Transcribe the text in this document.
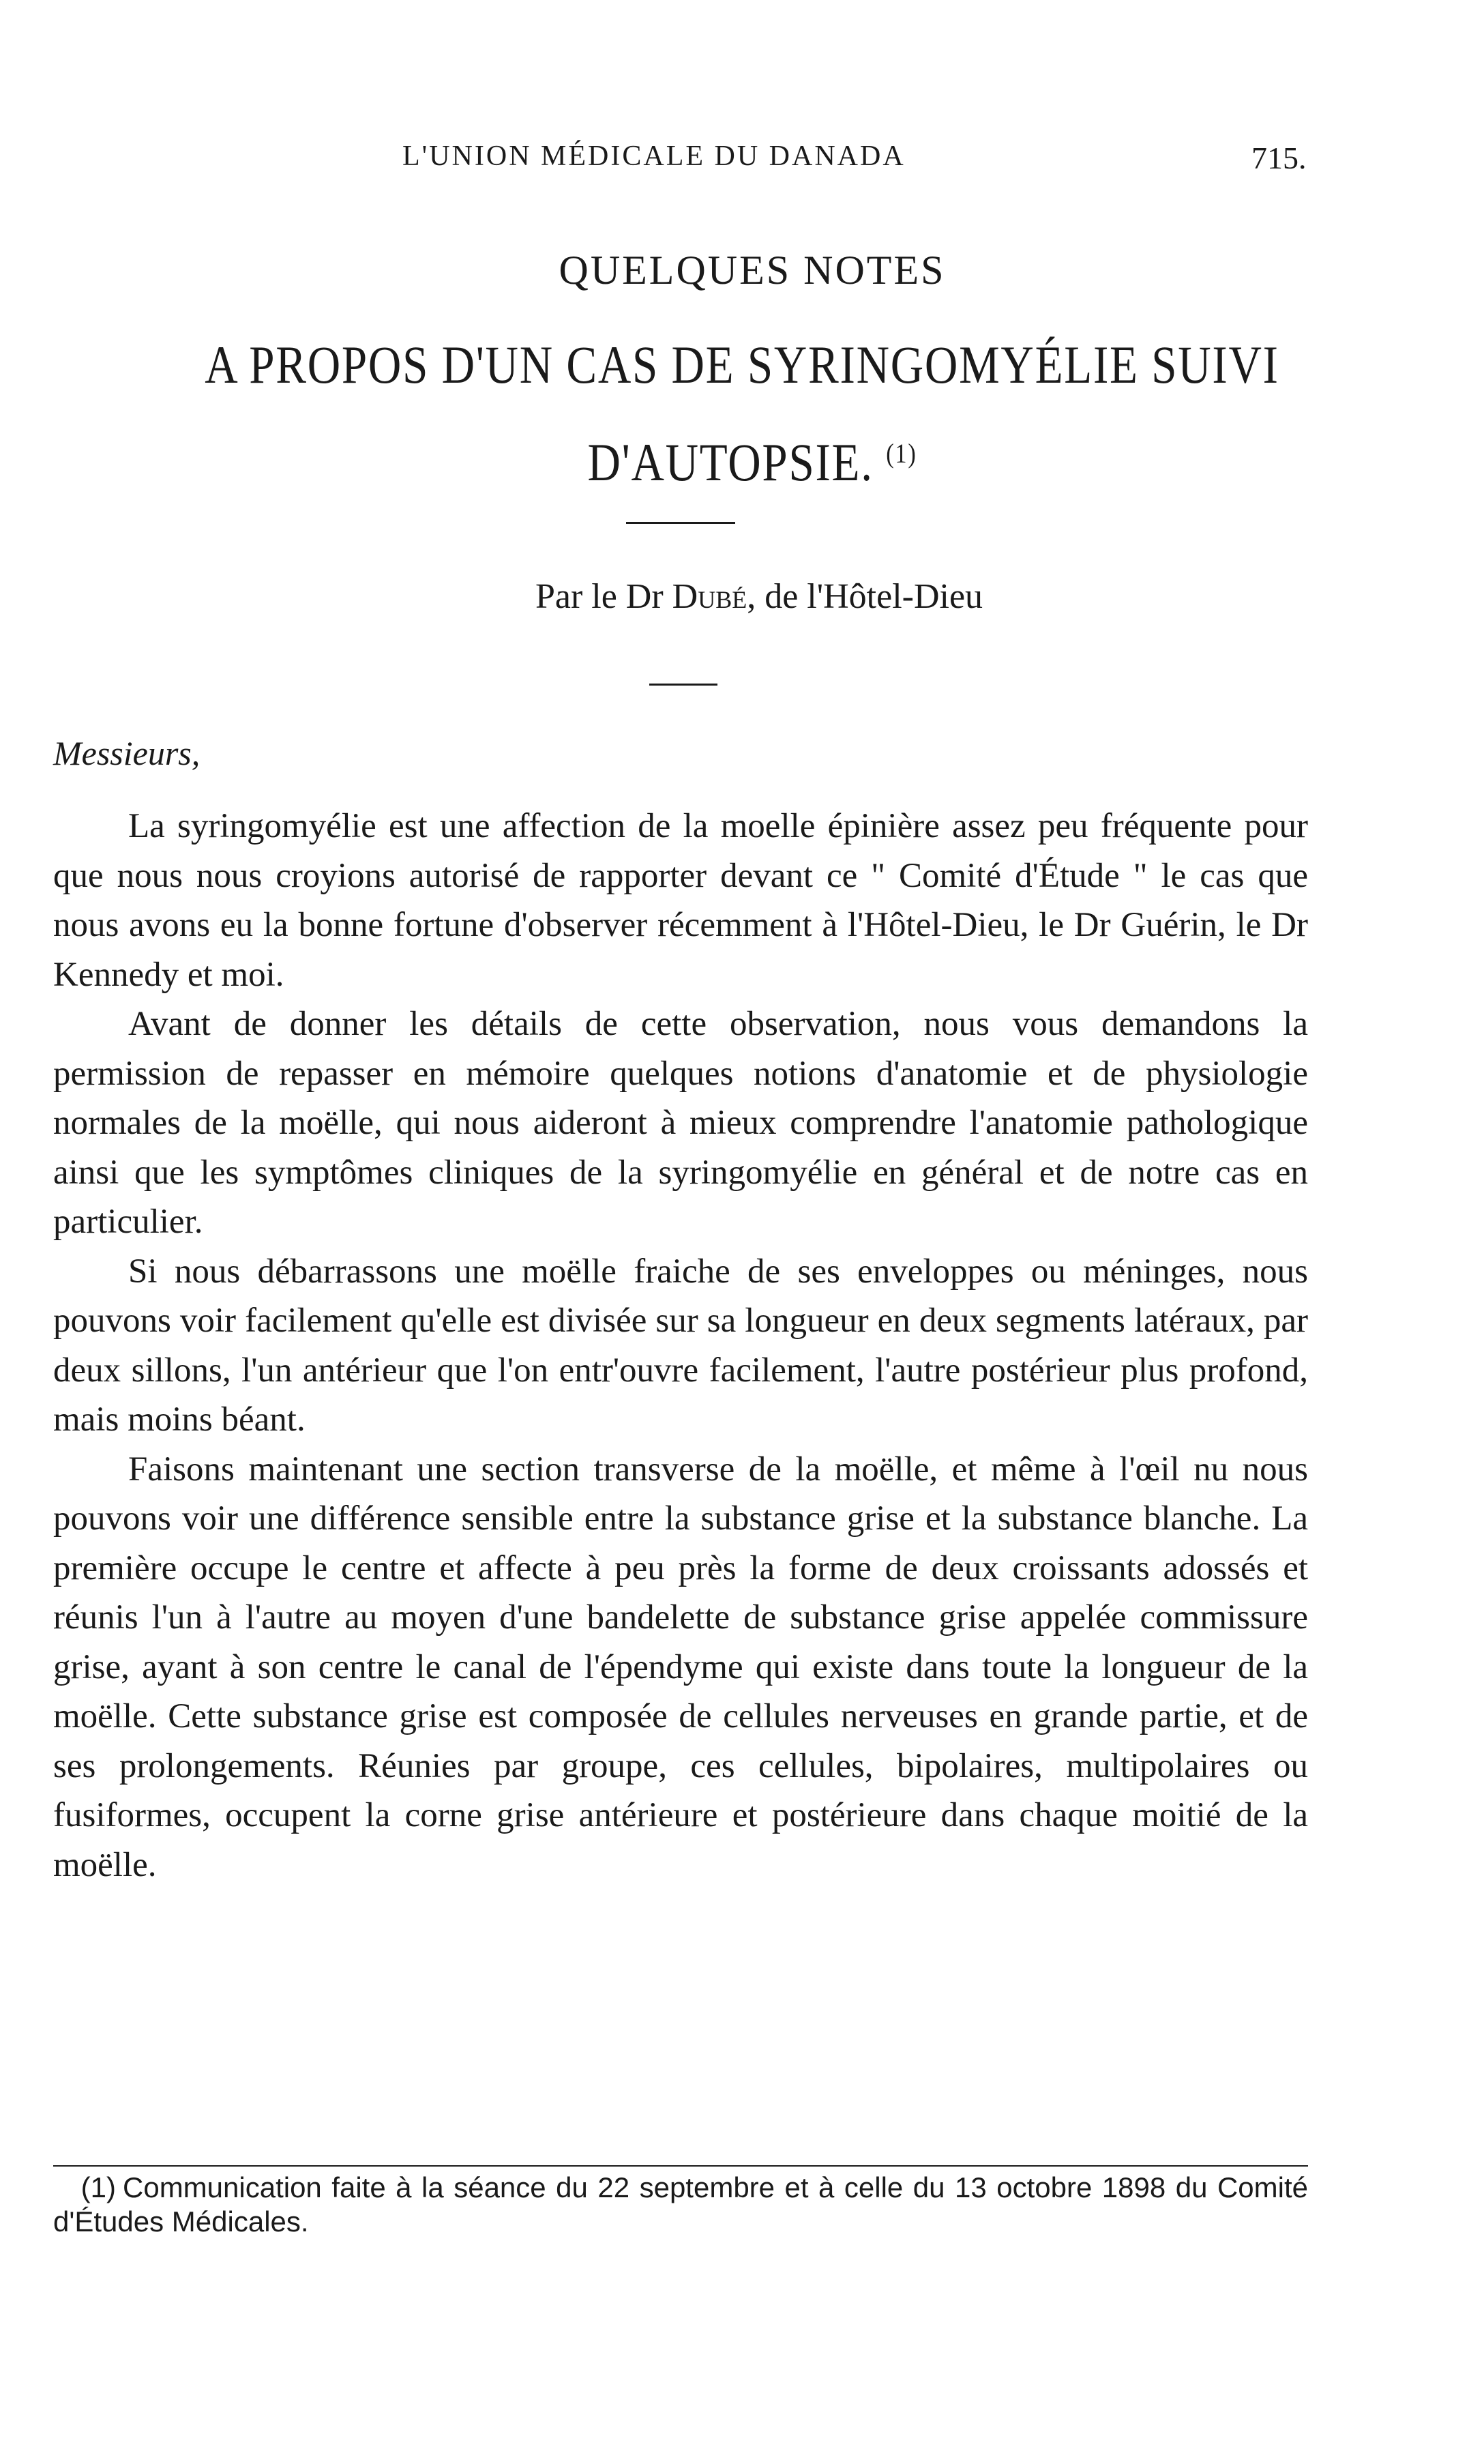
L'UNION MÉDICALE DU DANADA	715.
QUELQUES NOTES
A PROPOS D'UN CAS DE SYRINGOMYÉLIE SUIVI
D'AUTOPSIE. $^{(1)}$
Par le Dr Dubé, de l'Hôtel-Dieu
Messieurs,

La syringomyélie est une affection de la moelle épinière assez peu fréquente pour que nous nous croyions autorisé de rapporter devant ce " Comité d'Étude " le cas que nous avons eu la bonne fortune d'observer récemment à l'Hôtel-Dieu, le Dr Guérin, le Dr Kennedy et moi.

Avant de donner les détails de cette observation, nous vous demandons la permission de repasser en mémoire quelques notions d'anatomie et de physiologie normales de la moëlle, qui nous aideront à mieux comprendre l'anatomie pathologique ainsi que les symptômes cliniques de la syringomyélie en général et de notre cas en particulier.

Si nous débarrassons une moëlle fraiche de ses enveloppes ou méninges, nous pouvons voir facilement qu'elle est divisée sur sa longueur en deux segments latéraux, par deux sillons, l'un antérieur que l'on entr'ouvre facilement, l'autre postérieur plus profond, mais moins béant.

Faisons maintenant une section transverse de la moëlle, et même à l'œil nu nous pouvons voir une différence sensible entre la substance grise et la substance blanche. La première occupe le centre et affecte à peu près la forme de deux croissants adossés et réunis l'un à l'autre au moyen d'une bandelette de substance grise appelée commissure grise, ayant à son centre le canal de l'épendyme qui existe dans toute la longueur de la moëlle. Cette substance grise est composée de cellules nerveuses en grande partie, et de ses prolongements. Réunies par groupe, ces cellules, bipolaires, multipolaires ou fusiformes, occupent la corne grise antérieure et postérieure dans chaque moitié de la moëlle.

(1) Communication faite à la séance du 22 septembre et à celle du 13 octobre 1898 du Comité d'Études Médicales.
